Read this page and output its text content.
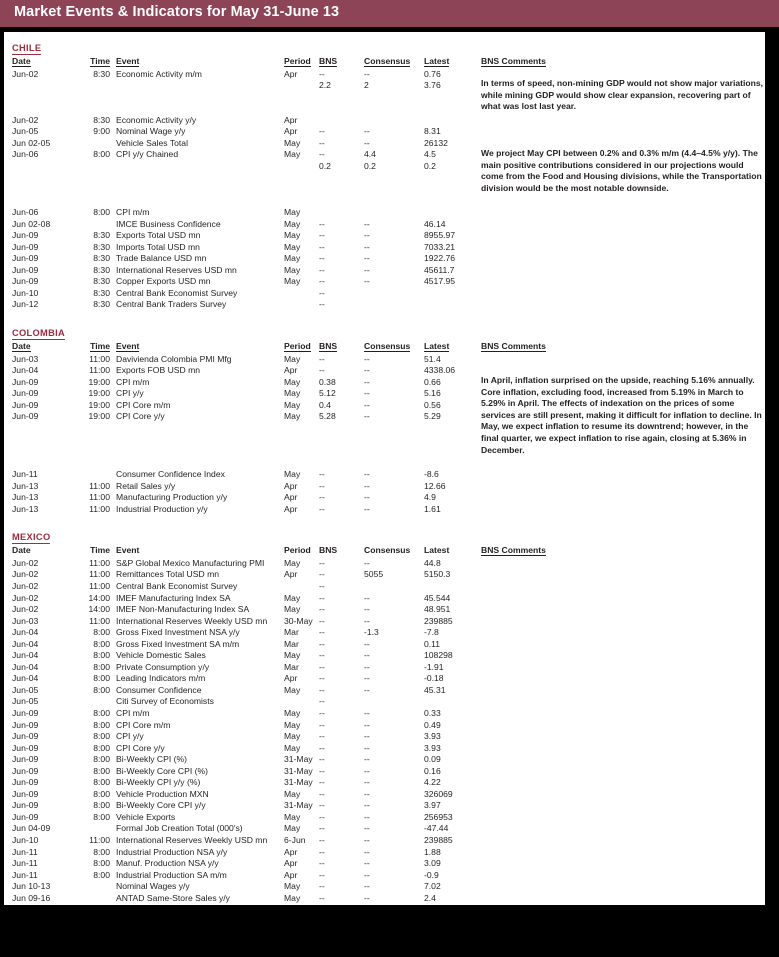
Market Events & Indicators for May 31-June 13
CHILE
Date	Time	Event	Period	BNS	Consensus	Latest	BNS Comments
In terms of speed, non-mining GDP would not show major variations, while mining GDP would show clear expansion, recovering part of what was lost last year.
We project May CPI between 0.2% and 0.3% m/m (4.4–4.5% y/y). The main positive contributions considered in our projections would come from the Food and Housing divisions, while the Transportation division would be the most notable downside.

Jun-02	8:30	Economic Activity m/m	Apr	--	--	0.76	
				2.2	2	3.76	

Jun-02	8:30	Economic Activity y/y	Apr				
Jun-05	9:00	Nominal Wage y/y	Apr	--	--	8.31	
Jun 02-05		Vehicle Sales Total	May	--	--	26132	
Jun-06	8:00	CPI y/y Chained	May	--	4.4	4.5	
				0.2	0.2	0.2	

Jun-06	8:00	CPI m/m	May				
Jun 02-08		IMCE Business Confidence	May	--	--	46.14	
Jun-09	8:30	Exports Total USD mn	May	--	--	8955.97	
Jun-09	8:30	Imports Total USD mn	May	--	--	7033.21	
Jun-09	8:30	Trade Balance USD mn	May	--	--	1922.76	
Jun-09	8:30	International Reserves USD mn	May	--	--	45611.7	
Jun-09	8:30	Copper Exports USD mn	May	--	--	4517.95	
Jun-10	8:30	Central Bank Economist Survey		--			
Jun-12	8:30	Central Bank Traders Survey		--			
COLOMBIA
Date	Time	Event	Period	BNS	Consensus	Latest	BNS Comments
In April, inflation surprised on the upside, reaching 5.16% annually. Core inflation, excluding food, increased from 5.19% in March to 5.29% in April. The effects of indexation on the prices of some services are still present, making it difficult for inflation to decline. In May, we expect inflation to resume its downtrend; however, in the final quarter, we expect inflation to rise again, closing at 5.36% in December.

Jun-03	11:00	Davivienda Colombia PMI Mfg	May	--	--	51.4	
Jun-04	11:00	Exports FOB USD mn	Apr	--	--	4338.06	
Jun-09	19:00	CPI m/m	May	0.38	--	0.66	
Jun-09	19:00	CPI y/y	May	5.12	--	5.16	
Jun-09	19:00	CPI Core m/m	May	0.4	--	0.56	
Jun-09	19:00	CPI Core y/y	May	5.28	--	5.29	

Jun-11		Consumer Confidence Index	May	--	--	-8.6	
Jun-13	11:00	Retail Sales y/y	Apr	--	--	12.66	
Jun-13	11:00	Manufacturing Production y/y	Apr	--	--	4.9	
Jun-13	11:00	Industrial Production y/y	Apr	--	--	1.61	
MEXICO
Date	Time	Event	Period	BNS	Consensus	Latest	BNS Comments

Jun-02	11:00	S&P Global Mexico Manufacturing PMI	May	--	--	44.8	
Jun-02	11:00	Remittances Total USD mn	Apr	--	5055	5150.3	
Jun-02	11:00	Central Bank Economist Survey		--			
Jun-02	14:00	IMEF Manufacturing Index SA	May	--	--	45.544	
Jun-02	14:00	IMEF Non-Manufacturing Index SA	May	--	--	48.951	
Jun-03	11:00	International Reserves Weekly USD mn	30-May	--	--	239885	
Jun-04	8:00	Gross Fixed Investment NSA y/y	Mar	--	-1.3	-7.8	
Jun-04	8:00	Gross Fixed Investment SA m/m	Mar	--	--	0.11	
Jun-04	8:00	Vehicle Domestic Sales	May	--	--	108298	
Jun-04	8:00	Private Consumption y/y	Mar	--	--	-1.91	
Jun-04	8:00	Leading Indicators m/m	Apr	--	--	-0.18	
Jun-05	8:00	Consumer Confidence	May	--	--	45.31	
Jun-05		Citi Survey of Economists		--			
Jun-09	8:00	CPI m/m	May	--	--	0.33	
Jun-09	8:00	CPI Core m/m	May	--	--	0.49	
Jun-09	8:00	CPI y/y	May	--	--	3.93	
Jun-09	8:00	CPI Core y/y	May	--	--	3.93	
Jun-09	8:00	Bi-Weekly CPI (%)	31-May	--	--	0.09	
Jun-09	8:00	Bi-Weekly Core CPI (%)	31-May	--	--	0.16	
Jun-09	8:00	Bi-Weekly CPI y/y (%)	31-May	--	--	4.22	
Jun-09	8:00	Vehicle Production MXN	May	--	--	326069	
Jun-09	8:00	Bi-Weekly Core CPI y/y	31-May	--	--	3.97	
Jun-09	8:00	Vehicle Exports	May	--	--	256953	
Jun 04-09		Formal Job Creation Total (000's)	May	--	--	-47.44	
Jun-10	11:00	International Reserves Weekly USD mn	6-Jun	--	--	239885	
Jun-11	8:00	Industrial Production NSA y/y	Apr	--	--	1.88	
Jun-11	8:00	Manuf. Production NSA y/y	Apr	--	--	3.09	
Jun-11	8:00	Industrial Production SA m/m	Apr	--	--	-0.9	
Jun 10-13		Nominal Wages y/y	May	--	--	7.02	
Jun 09-16		ANTAD Same-Store Sales y/y	May	--	--	2.4	
